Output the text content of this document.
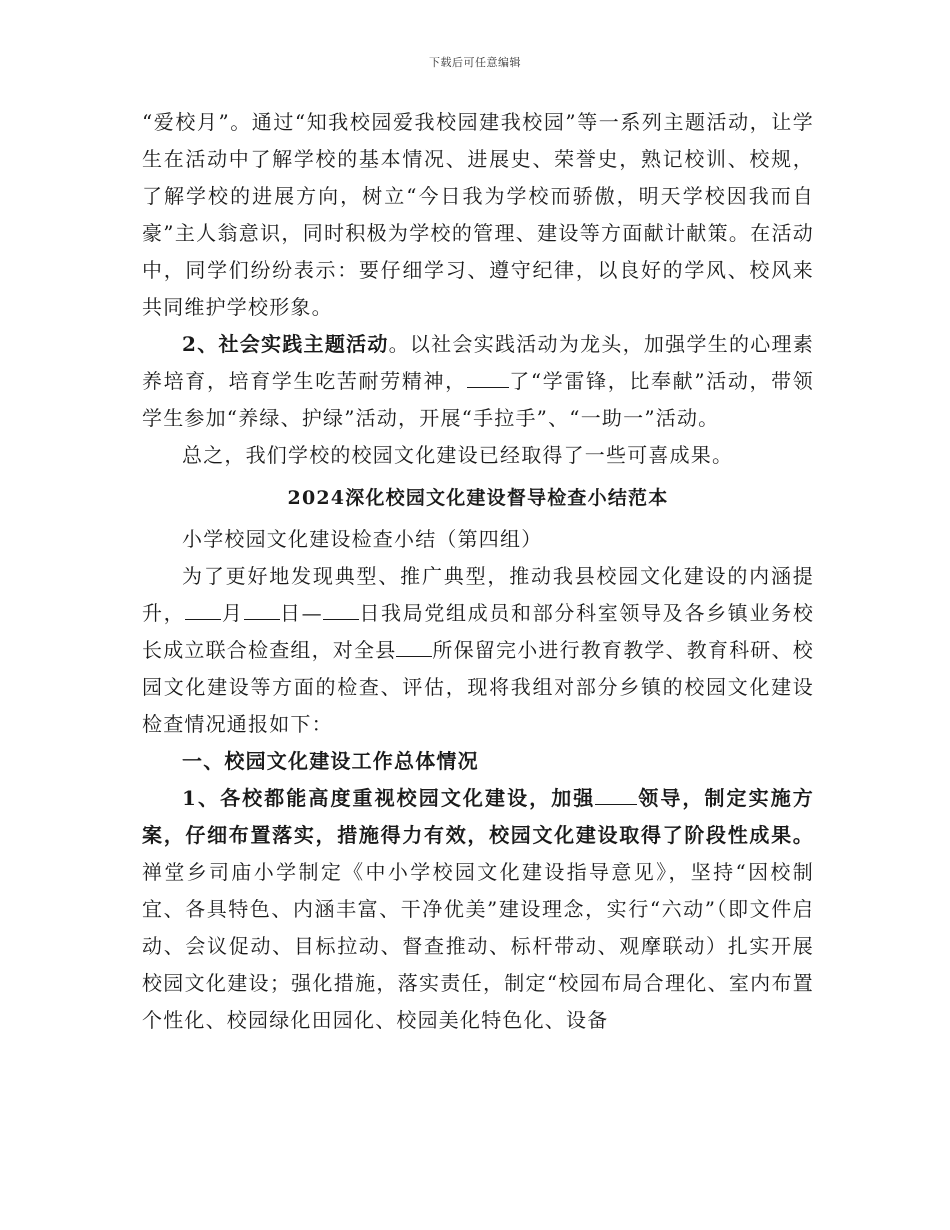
下载后可任意编辑

“爱校月”。通过“知我校园爱我校园建我校园”等一系列主题活动，让学生在活动中了解学校的基本情况、进展史、荣誉史，熟记校训、校规，了解学校的进展方向，树立“今日我为学校而骄傲，明天学校因我而自豪”主人翁意识，同时积极为学校的管理、建设等方面献计献策。在活动中，同学们纷纷表示：要仔细学习、遵守纪律，以良好的学风、校风来共同维护学校形象。

2、社会实践主题活动。以社会实践活动为龙头，加强学生的心理素养培育，培育学生吃苦耐劳精神， 了“学雷锋，比奉献”活动，带领学生参加“养绿、护绿”活动，开展“手拉手”、“一助一”活动。

总之，我们学校的校园文化建设已经取得了一些可喜成果。

2024深化校园文化建设督导检查小结范本

小学校园文化建设检查小结（第四组）

为了更好地发现典型、推广典型，推动我县校园文化建设的内涵提升， 月 日— 日我局党组成员和部分科室领导及各乡镇业务校长成立联合检查组，对全县 所保留完小进行教育教学、教育科研、校园文化建设等方面的检查、评估，现将我组对部分乡镇的校园文化建设检查情况通报如下：

一、校园文化建设工作总体情况

1、各校都能高度重视校园文化建设，加强 领导，制定实施方案，仔细布置落实，措施得力有效，校园文化建设取得了阶段性成果。禅堂乡司庙小学制定《中小学校园文化建设指导意见》，坚持“因校制宜、各具特色、内涵丰富、干净优美”建设理念，实行“六动”（即文件启动、会议促动、目标拉动、督查推动、标杆带动、观摩联动）扎实开展校园文化建设；强化措施，落实责任，制定“校园布局合理化、室内布置个性化、校园绿化田园化、校园美化特色化、设备
